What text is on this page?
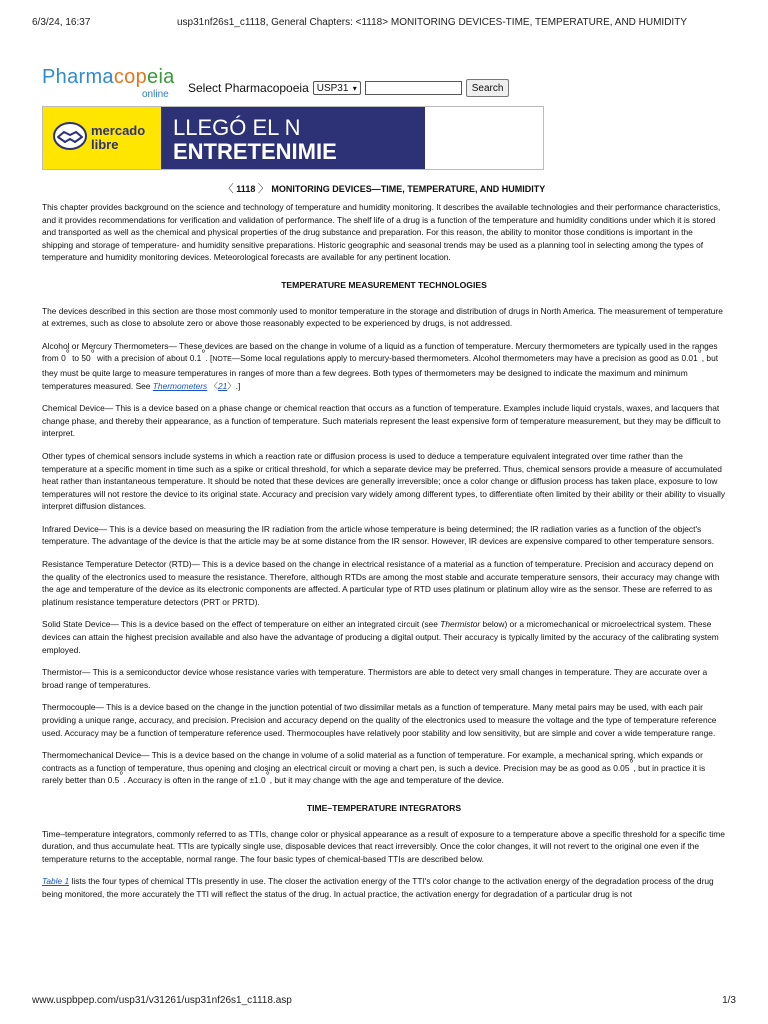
6/3/24, 16:37	usp31nf26s1_c1118, General Chapters: <1118> MONITORING DEVICES-TIME, TEMPERATURE, AND HUMIDITY
Pharmacopeia
online Select Pharmacopoeia USP31 ▾	Search
mercado
libre
LLEGÓ EL N
ENTRETENIMIE
〈 1118 〉 MONITORING DEVICES—TIME, TEMPERATURE, AND HUMIDITY

This chapter provides background on the science and technology of temperature and humidity monitoring. It describes the available technologies and their performance characteristics, and it provides recommendations for verification and validation of performance. The shelf life of a drug is a function of the temperature and humidity conditions under which it is stored and transported as well as the chemical and physical properties of the drug substance and preparation. For this reason, the ability to monitor those conditions is important in the shipping and storage of temperature- and humidity sensitive preparations. Historic geographic and seasonal trends may be used as a planning tool in selecting among the types of temperature and humidity monitoring devices. Meteorological forecasts are available for any pertinent location.

TEMPERATURE MEASUREMENT TECHNOLOGIES

The devices described in this section are those most commonly used to monitor temperature in the storage and distribution of drugs in North America. The measurement of temperature at extremes, such as close to absolute zero or above those reasonably expected to be experienced by drugs, is not addressed.

Alcohol or Mercury Thermometers— These devices are based on the change in volume of a liquid as a function of temperature. Mercury thermometers are typically used in the ranges from 0° to 50° with a precision of about 0.1°. [NOTE—Some local regulations apply to mercury-based thermometers. Alcohol thermometers may have a precision as good as 0.01°, but they must be quite large to measure temperatures in ranges of more than a few degrees. Both types of thermometers may be designed to indicate the maximum and minimum temperatures measured. See Thermometers 〈21〉.]

Chemical Device— This is a device based on a phase change or chemical reaction that occurs as a function of temperature. Examples include liquid crystals, waxes, and lacquers that change phase, and thereby their appearance, as a function of temperature. Such materials represent the least expensive form of temperature measurement, but they may be difficult to interpret.

Other types of chemical sensors include systems in which a reaction rate or diffusion process is used to deduce a temperature equivalent integrated over time rather than the temperature at a specific moment in time such as a spike or critical threshold, for which a separate device may be preferred. Thus, chemical sensors provide a measure of accumulated heat rather than instantaneous temperature. It should be noted that these devices are generally irreversible; once a color change or diffusion process has taken place, exposure to low temperatures will not restore the device to its original state. Accuracy and precision vary widely among different types, to differentiate often limited by their ability or their ability to visually interpret diffusion distances.

Infrared Device— This is a device based on measuring the IR radiation from the article whose temperature is being determined; the IR radiation varies as a function of the object's temperature. The advantage of the device is that the article may be at some distance from the IR sensor. However, IR devices are expensive compared to other temperature sensors.

Resistance Temperature Detector (RTD)— This is a device based on the change in electrical resistance of a material as a function of temperature. Precision and accuracy depend on the quality of the electronics used to measure the resistance. Therefore, although RTDs are among the most stable and accurate temperature sensors, their accuracy may change with the age and temperature of the device as its electronic components are affected. A particular type of RTD uses platinum or platinum alloy wire as the sensor. These are referred to as platinum resistance temperature detectors (PRT or PRTD).

Solid State Device— This is a device based on the effect of temperature on either an integrated circuit (see Thermistor below) or a micromechanical or microelectrical system. These devices can attain the highest precision available and also have the advantage of producing a digital output. Their accuracy is typically limited by the accuracy of the calibrating system employed.

Thermistor— This is a semiconductor device whose resistance varies with temperature. Thermistors are able to detect very small changes in temperature. They are accurate over a broad range of temperatures.

Thermocouple— This is a device based on the change in the junction potential of two dissimilar metals as a function of temperature. Many metal pairs may be used, with each pair providing a unique range, accuracy, and precision. Precision and accuracy depend on the quality of the electronics used to measure the voltage and the type of temperature reference used. Accuracy may be a function of temperature reference used. Thermocouples have relatively poor stability and low sensitivity, but are simple and cover a wide temperature range.

Thermomechanical Device— This is a device based on the change in volume of a solid material as a function of temperature. For example, a mechanical spring, which expands or contracts as a function of temperature, thus opening and closing an electrical circuit or moving a chart pen, is such a device. Precision may be as good as 0.05°, but in practice it is rarely better than 0.5°. Accuracy is often in the range of ±1.0°, but it may change with the age and temperature of the device.

TIME–TEMPERATURE INTEGRATORS

Time–temperature integrators, commonly referred to as TTIs, change color or physical appearance as a result of exposure to a temperature above a specific threshold for a specific time duration, and thus accumulate heat. TTIs are typically single use, disposable devices that react irreversibly. Once the color changes, it will not revert to the original one even if the temperature returns to the acceptable, normal range. The four basic types of chemical-based TTIs are described below.

Table 1 lists the four types of chemical TTIs presently in use. The closer the activation energy of the TTI's color change to the activation energy of the degradation process of the drug being monitored, the more accurately the TTI will reflect the status of the drug. In actual practice, the activation energy for degradation of a particular drug is not

www.uspbpep.com/usp31/v31261/usp31nf26s1_c1118.asp	1/3
